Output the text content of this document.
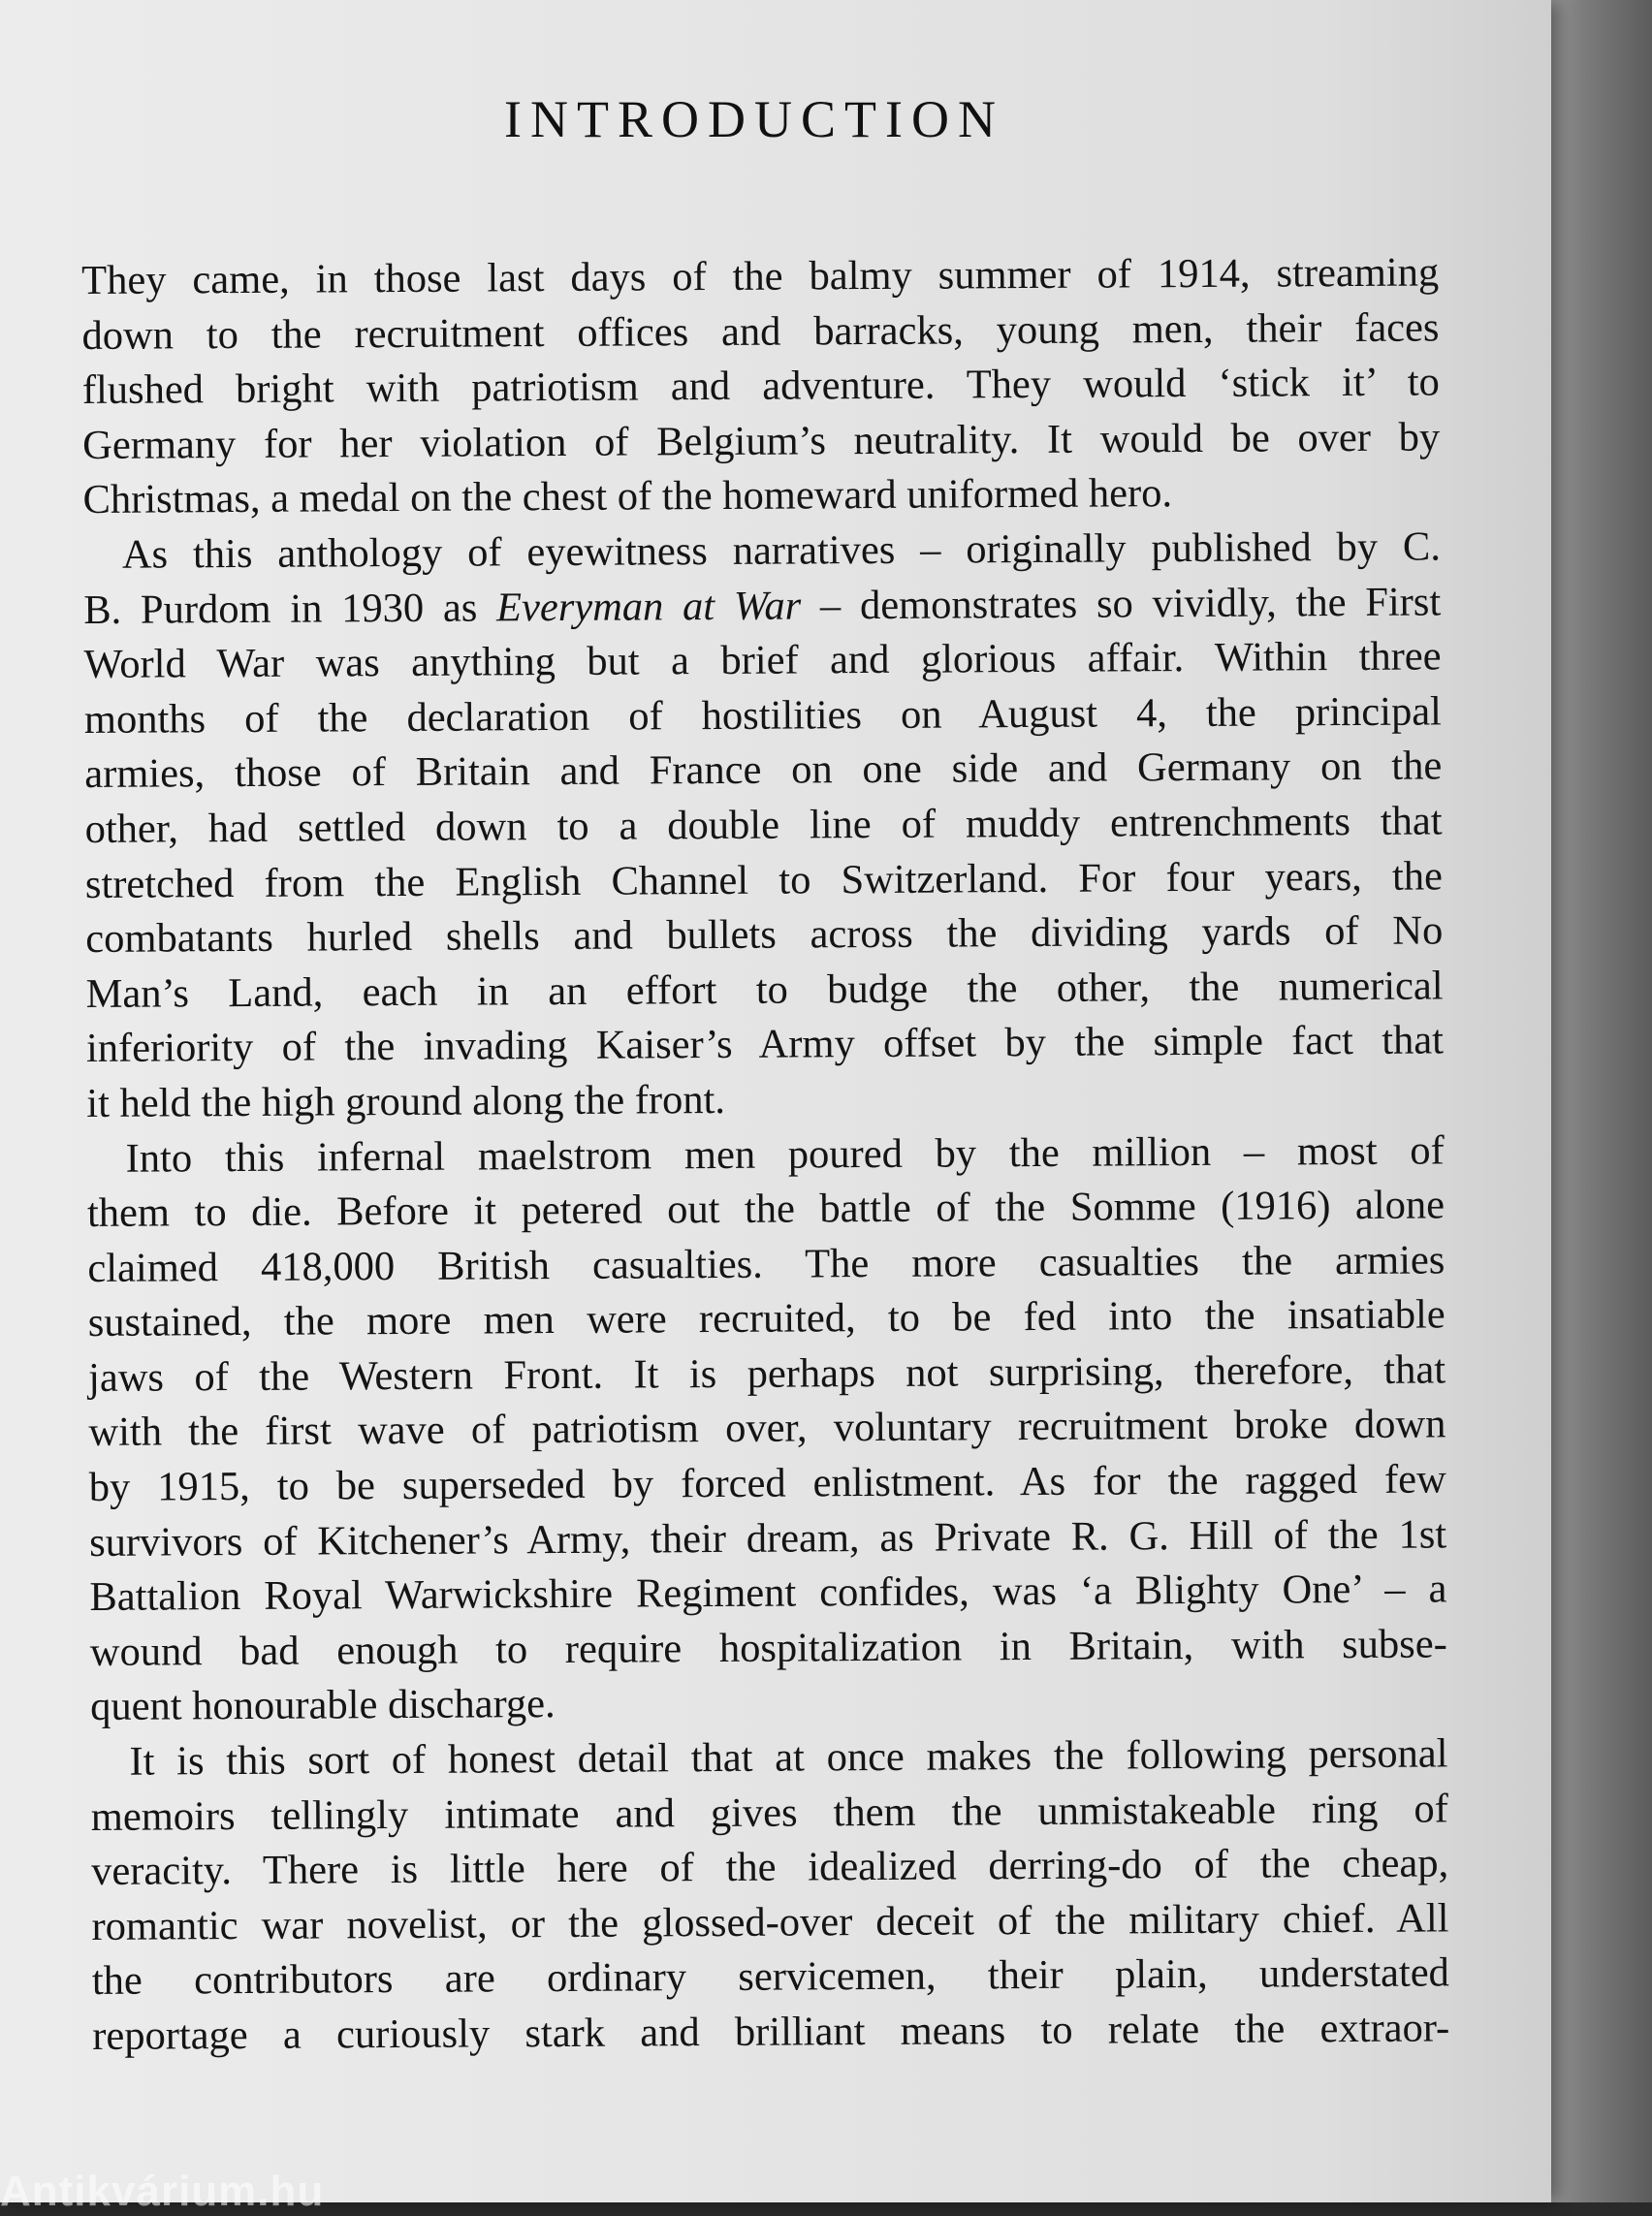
INTRODUCTION
They came, in those last days of the balmy summer of 1914, streaming
down to the recruitment offices and barracks, young men, their faces
flushed bright with patriotism and adventure. They would ‘stick it’ to
Germany for her violation of Belgium’s neutrality. It would be over by
Christmas, a medal on the chest of the homeward uniformed hero.
As this anthology of eyewitness narratives – originally published by C.
B. Purdom in 1930 as Everyman at War – demonstrates so vividly, the First
World War was anything but a brief and glorious affair. Within three
months of the declaration of hostilities on August 4, the principal
armies, those of Britain and France on one side and Germany on the
other, had settled down to a double line of muddy entrenchments that
stretched from the English Channel to Switzerland. For four years, the
combatants hurled shells and bullets across the dividing yards of No
Man’s Land, each in an effort to budge the other, the numerical
inferiority of the invading Kaiser’s Army offset by the simple fact that
it held the high ground along the front.
Into this infernal maelstrom men poured by the million – most of
them to die. Before it petered out the battle of the Somme (1916) alone
claimed 418,000 British casualties. The more casualties the armies
sustained, the more men were recruited, to be fed into the insatiable
jaws of the Western Front. It is perhaps not surprising, therefore, that
with the first wave of patriotism over, voluntary recruitment broke down
by 1915, to be superseded by forced enlistment. As for the ragged few
survivors of Kitchener’s Army, their dream, as Private R. G. Hill of the 1st
Battalion Royal Warwickshire Regiment confides, was ‘a Blighty One’ – a
wound bad enough to require hospitalization in Britain, with subse-
quent honourable discharge.
It is this sort of honest detail that at once makes the following personal
memoirs tellingly intimate and gives them the unmistakeable ring of
veracity. There is little here of the idealized derring-do of the cheap,
romantic war novelist, or the glossed-over deceit of the military chief. All
the contributors are ordinary servicemen, their plain, understated
reportage a curiously stark and brilliant means to relate the extraor-
Antikvárium.hu
